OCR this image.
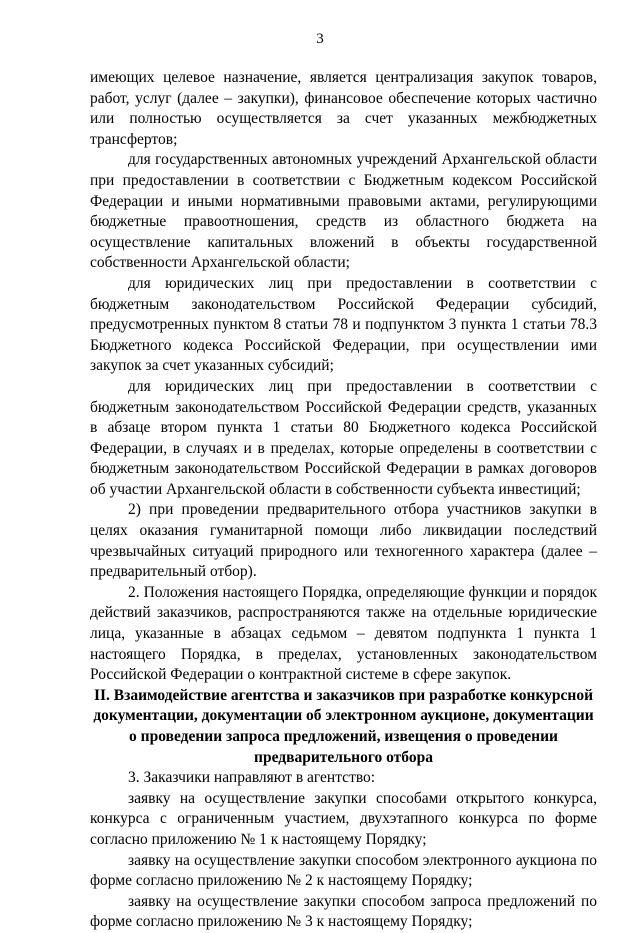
3

имеющих целевое назначение, является централизация закупок товаров, работ, услуг (далее – закупки), финансовое обеспечение которых частично или полностью осуществляется за счет указанных межбюджетных трансфертов;

для государственных автономных учреждений Архангельской области при предоставлении в соответствии с Бюджетным кодексом Российской Федерации и иными нормативными правовыми актами, регулирующими бюджетные правоотношения, средств из областного бюджета на осуществление капитальных вложений в объекты государственной собственности Архангельской области;

для юридических лиц при предоставлении в соответствии с бюджетным законодательством Российской Федерации субсидий, предусмотренных пунктом 8 статьи 78 и подпунктом 3 пункта 1 статьи 78.3 Бюджетного кодекса Российской Федерации, при осуществлении ими закупок за счет указанных субсидий;

для юридических лиц при предоставлении в соответствии с бюджетным законодательством Российской Федерации средств, указанных в абзаце втором пункта 1 статьи 80 Бюджетного кодекса Российской Федерации, в случаях и в пределах, которые определены в соответствии с бюджетным законодательством Российской Федерации в рамках договоров об участии Архангельской области в собственности субъекта инвестиций;

2) при проведении предварительного отбора участников закупки в целях оказания гуманитарной помощи либо ликвидации последствий чрезвычайных ситуаций природного или техногенного характера (далее – предварительный отбор).

2. Положения настоящего Порядка, определяющие функции и порядок действий заказчиков, распространяются также на отдельные юридические лица, указанные в абзацах седьмом – девятом подпункта 1 пункта 1 настоящего Порядка, в пределах, установленных законодательством Российской Федерации о контрактной системе в сфере закупок.

II. Взаимодействие агентства и заказчиков при разработке конкурсной документации, документации об электронном аукционе, документации о проведении запроса предложений, извещения о проведении предварительного отбора

3. Заказчики направляют в агентство:

заявку на осуществление закупки способами открытого конкурса, конкурса с ограниченным участием, двухэтапного конкурса по форме согласно приложению № 1 к настоящему Порядку;

заявку на осуществление закупки способом электронного аукциона по форме согласно приложению № 2 к настоящему Порядку;

заявку на осуществление закупки способом запроса предложений по форме согласно приложению № 3 к настоящему Порядку;
